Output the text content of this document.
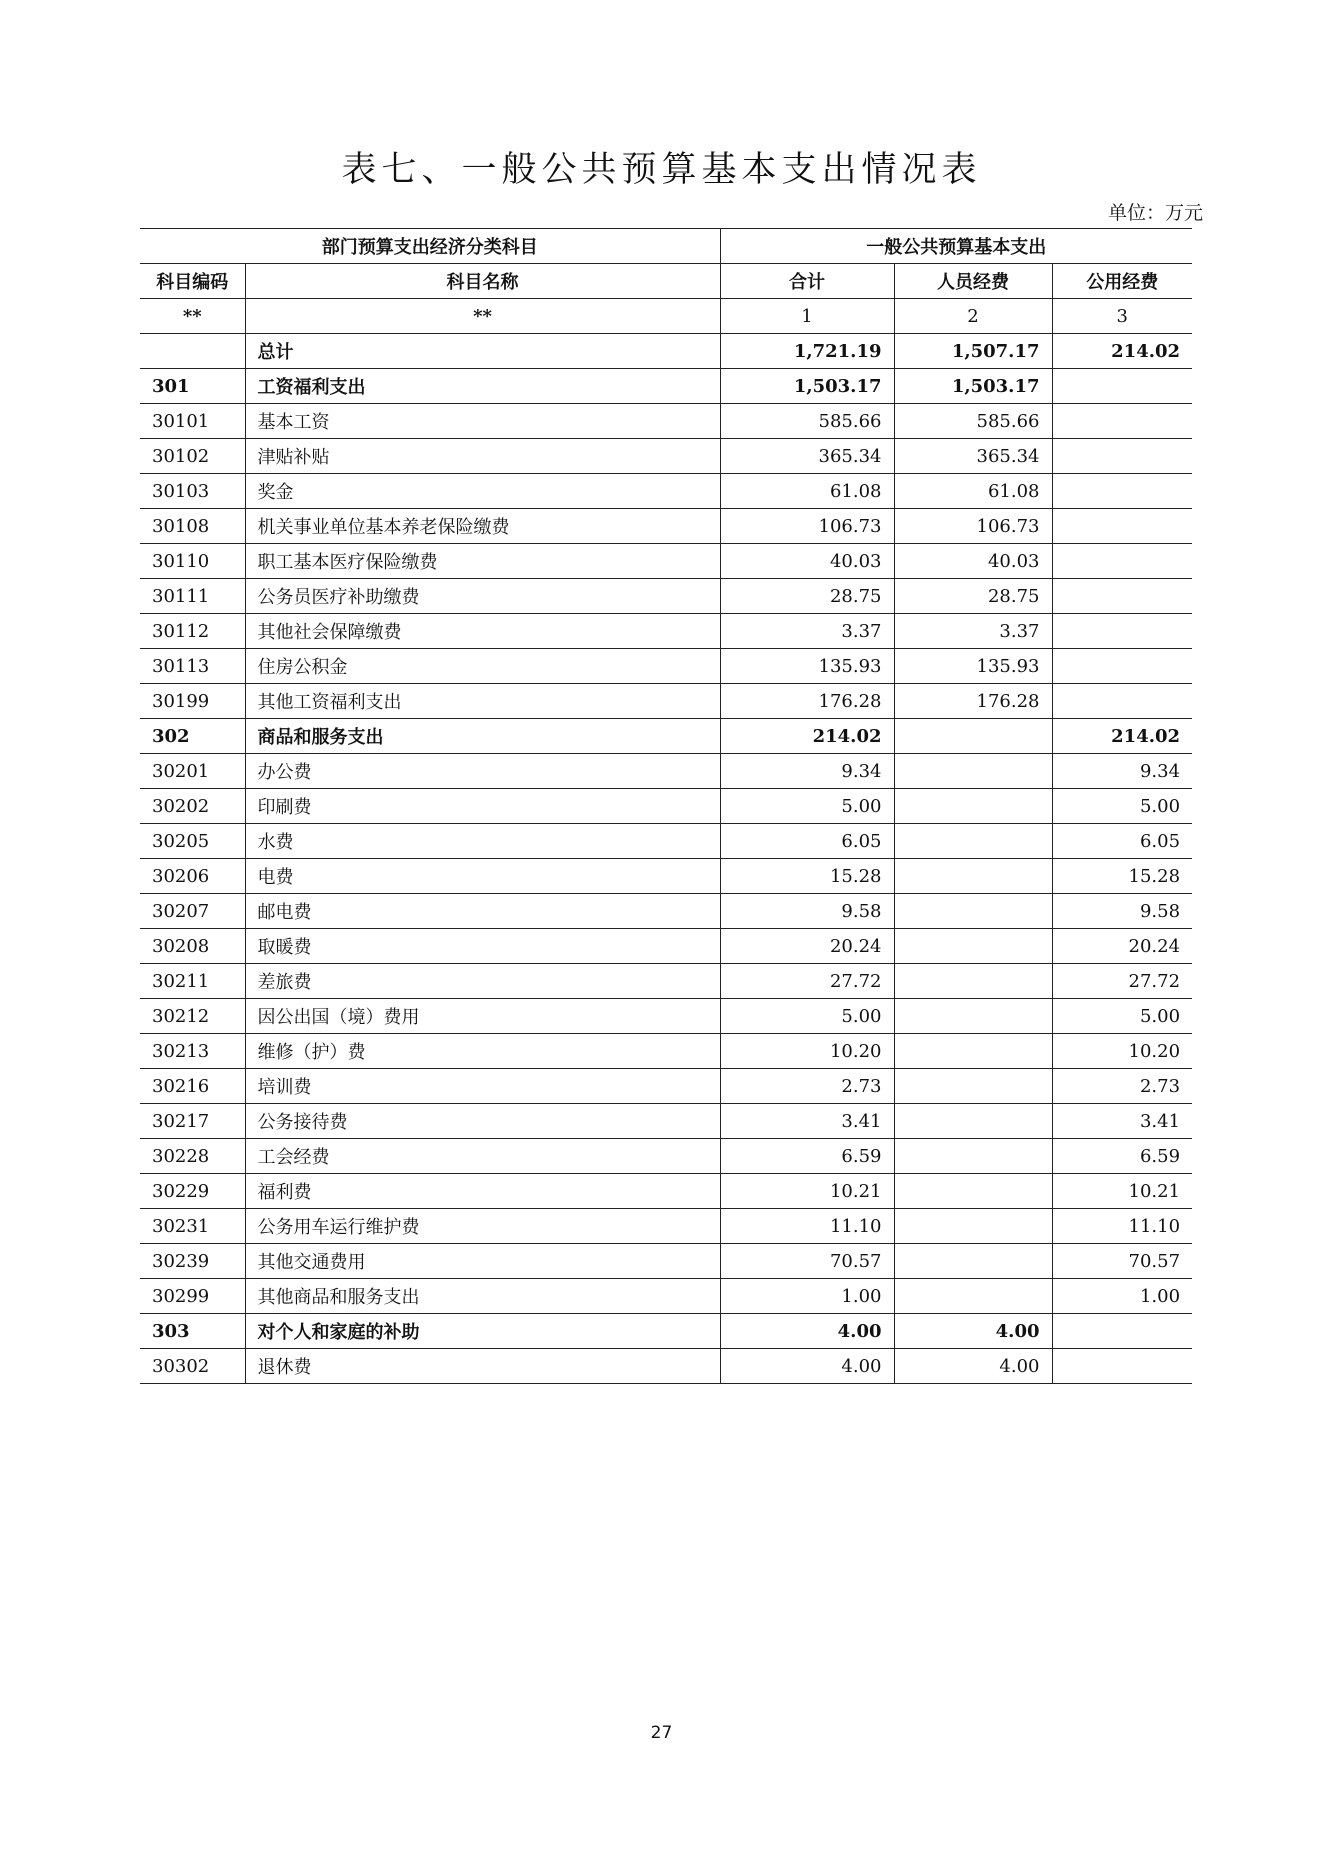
表七、一般公共预算基本支出情况表
单位：万元
部门预算支出经济分类科目		一般公共预算基本支出		
科目编码	科目名称	合计	人员经费	公用经费
**	**	1	2	3
	总计	1,721.19	1,507.17	214.02
301	工资福利支出	1,503.17	1,503.17	
30101	基本工资	585.66	585.66	
30102	津贴补贴	365.34	365.34	
30103	奖金	61.08	61.08	
30108	机关事业单位基本养老保险缴费	106.73	106.73	
30110	职工基本医疗保险缴费	40.03	40.03	
30111	公务员医疗补助缴费	28.75	28.75	
30112	其他社会保障缴费	3.37	3.37	
30113	住房公积金	135.93	135.93	
30199	其他工资福利支出	176.28	176.28	
302	商品和服务支出	214.02		214.02
30201	办公费	9.34		9.34
30202	印刷费	5.00		5.00
30205	水费	6.05		6.05
30206	电费	15.28		15.28
30207	邮电费	9.58		9.58
30208	取暖费	20.24		20.24
30211	差旅费	27.72		27.72
30212	因公出国（境）费用	5.00		5.00
30213	维修（护）费	10.20		10.20
30216	培训费	2.73		2.73
30217	公务接待费	3.41		3.41
30228	工会经费	6.59		6.59
30229	福利费	10.21		10.21
30231	公务用车运行维护费	11.10		11.10
30239	其他交通费用	70.57		70.57
30299	其他商品和服务支出	1.00		1.00
303	对个人和家庭的补助	4.00	4.00	
30302	退休费	4.00	4.00	
27
